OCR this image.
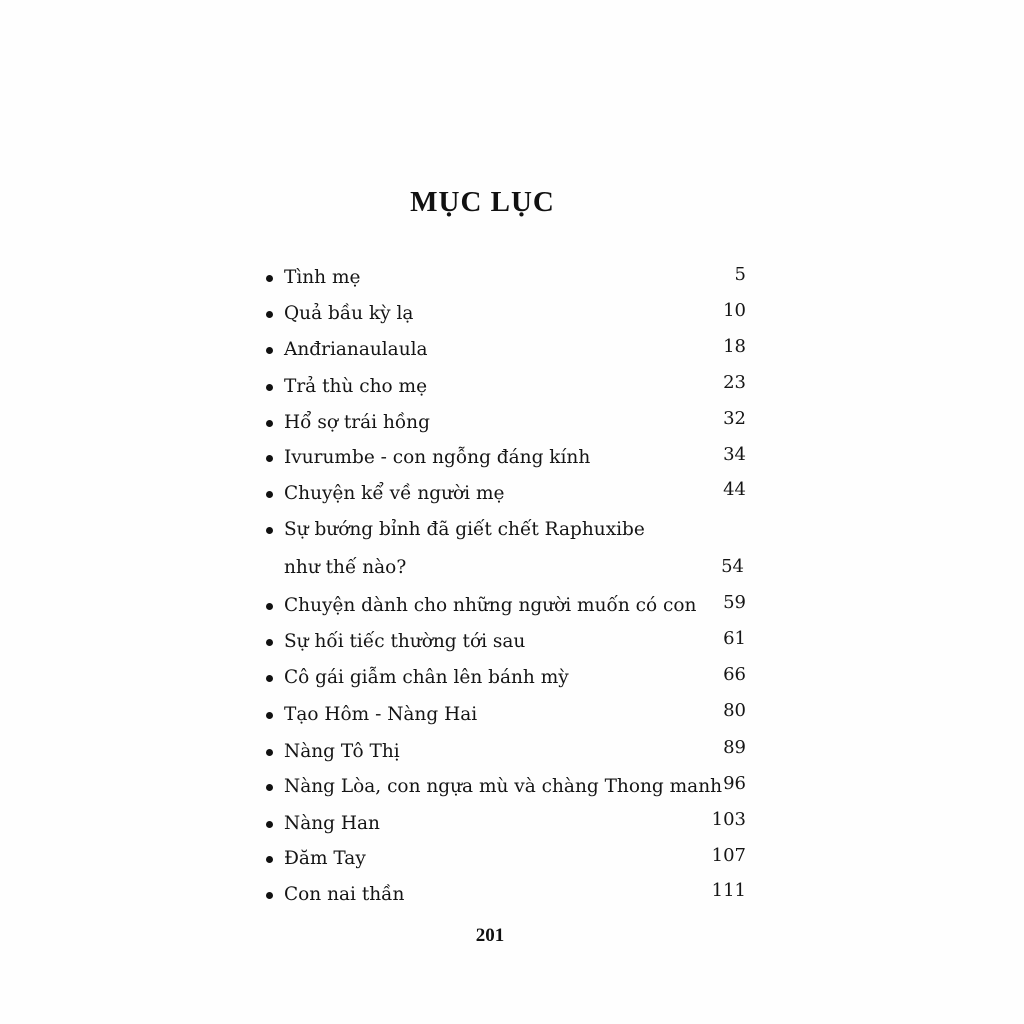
MỤC LỤC
Tình mẹ	5
Quả bầu kỳ lạ	10
Anđrianaulaula	18
Trả thù cho mẹ	23
Hổ sợ trái hồng	32
Ivurumbe - con ngỗng đáng kính	34
Chuyện kể về người mẹ	44
Sự bướng bỉnh đã giết chết Raphuxibe
như thế nào?	54
Chuyện dành cho những người muốn có con 59
Sự hối tiếc thường tới sau	61
Cô gái giẫm chân lên bánh mỳ	66
Tạo Hôm - Nàng Hai	80
Nàng Tô Thị	89
Nàng Lòa, con ngựa mù và chàng Thong manh 96
Nàng Han	103
Đăm Tay	107
Con nai thần	111
201
